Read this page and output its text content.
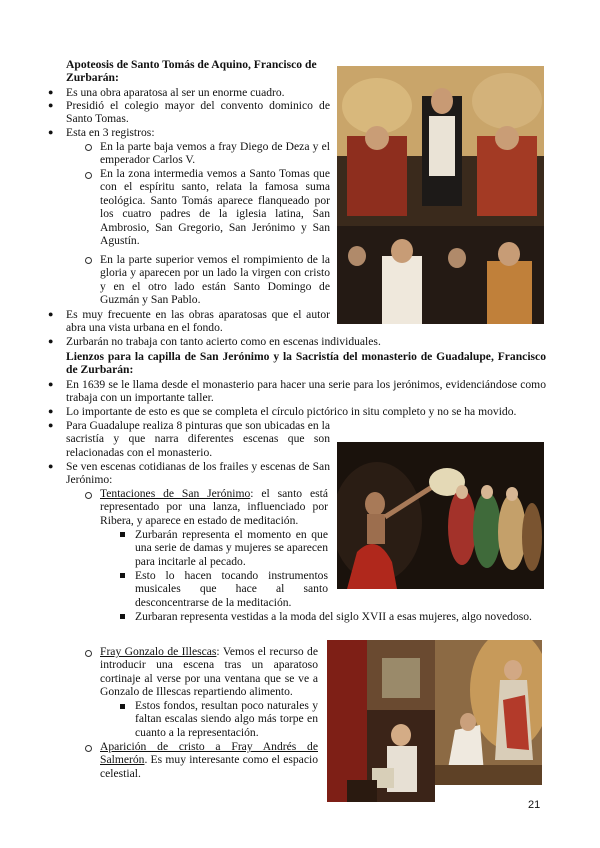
Apoteosis de Santo Tomás de Aquino, Francisco de Zurbarán:

● Es una obra aparatosa al ser un enorme cuadro.

● Presidió el colegio mayor del convento dominico de Santo Tomas.

● Esta en 3 registros:

En la parte baja vemos a fray Diego de Deza y el emperador Carlos V.

En la zona intermedia vemos a Santo Tomas que con el espíritu santo, relata la famosa suma teológica. Santo Tomás aparece flanqueado por los cuatro padres de la iglesia latina, San Ambrosio, San Gregorio, San Jerónimo y San Agustín.

En la parte superior vemos el rompimiento de la gloria y aparecen por un lado la virgen con cristo y en el otro lado están Santo Domingo de Guzmán y San Pablo.

● Es muy frecuente en las obras aparatosas que el autor abra una vista urbana en el fondo.

● Zurbarán no trabaja con tanto acierto como en escenas individuales.

Lienzos para la capilla de San Jerónimo y la Sacristía del monasterio de Guadalupe, Francisco de Zurbarán:

● En 1639 se le llama desde el monasterio para hacer una serie para los jerónimos, evidenciándose como trabaja con un importante taller.

● Lo importante de esto es que se completa el círculo pictórico in situ completo y no se ha movido.

● Para Guadalupe realiza 8 pinturas que son ubicadas en la sacristía y que narra diferentes escenas que son relacionadas con el monasterio.

● Se ven escenas cotidianas de los frailes y escenas de San Jerónimo:

Tentaciones de San Jerónimo: el santo está representado por una lanza, influenciado por Ribera, y aparece en estado de meditación.

Zurbarán representa el momento en que una serie de damas y mujeres se aparecen para incitarle al pecado.

Esto lo hacen tocando instrumentos musicales que hace al santo desconcentrarse de la meditación.

Zurbaran representa vestidas a la moda del siglo XVII a esas mujeres, algo novedoso.

Fray Gonzalo de Illescas: Vemos el recurso de introducir una escena tras un aparatoso cortinaje al verse por una ventana que se ve a Gonzalo de Illescas repartiendo alimento.

Estos fondos, resultan poco naturales y faltan escalas siendo algo más torpe en cuanto a la representación.

Aparición de cristo a Fray Andrés de Salmerón. Es muy interesante como el espacio celestial.

21
